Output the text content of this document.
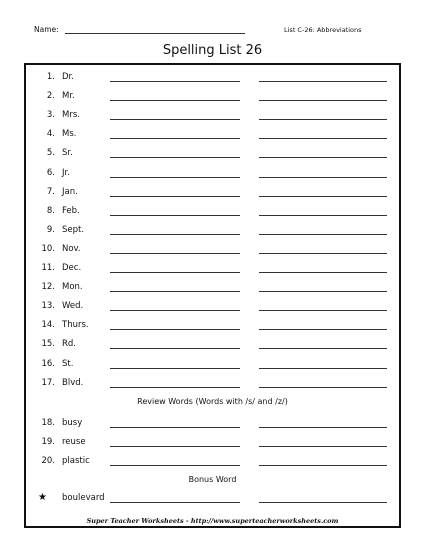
Name:	List C-26: Abbreviations
Spelling List 26
1. Dr.
2. Mr.
3. Mrs.
4. Ms.
5. Sr.
6. Jr.
7. Jan.
8. Feb.
9. Sept.
10. Nov.
11. Dec.
12. Mon.
13. Wed.
14. Thurs.
15. Rd.
16. St.
17. Blvd.
18. busy
19. reuse
20. plastic
★ boulevard
Review Words (Words with /s/ and /z/)
Bonus Word
Super Teacher Worksheets - http://www.superteacherworksheets.com
